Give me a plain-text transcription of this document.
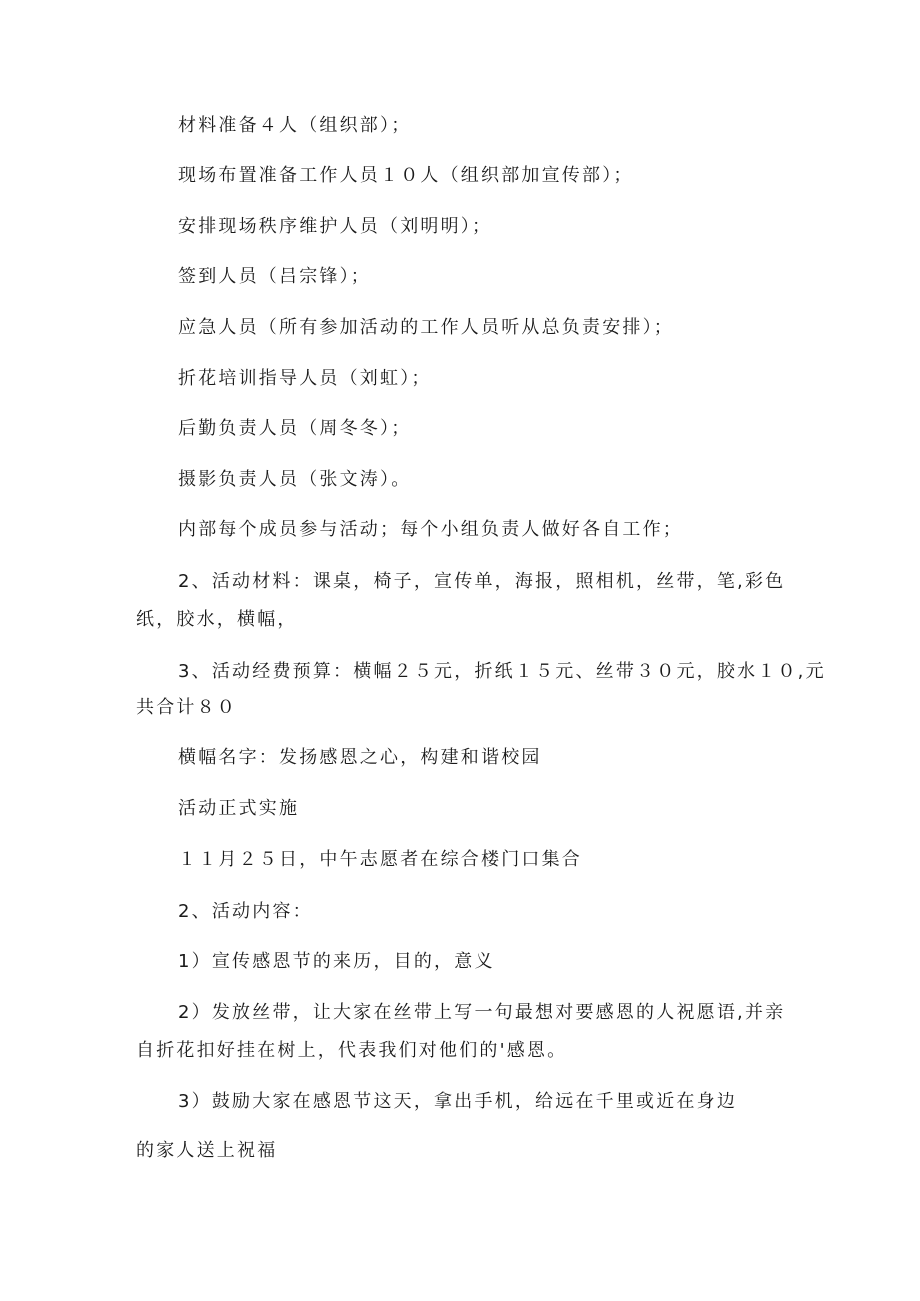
材料准备４人（组织部）；

现场布置准备工作人员１０人（组织部加宣传部）；

安排现场秩序维护人员（刘明明）；

签到人员（吕宗锋）；

应急人员（所有参加活动的工作人员听从总负责安排）；

折花培训指导人员（刘虹）；

后勤负责人员（周冬冬）；

摄影负责人员（张文涛）。

内部每个成员参与活动；每个小组负责人做好各自工作；

2、活动材料：课桌，椅子，宣传单，海报，照相机，丝带，笔,彩色

纸，胶水，横幅，

3、活动经费预算：横幅２５元，折纸１５元、丝带３０元，胶水１０,元

共合计８０

横幅名字：发扬感恩之心，构建和谐校园

活动正式实施

１１月２５日，中午志愿者在综合楼门口集合

2、活动内容：

1）宣传感恩节的来历，目的，意义

2）发放丝带，让大家在丝带上写一句最想对要感恩的人祝愿语,并亲

自折花扣好挂在树上，代表我们对他们的'感恩。

3）鼓励大家在感恩节这天，拿出手机，给远在千里或近在身边

的家人送上祝福
